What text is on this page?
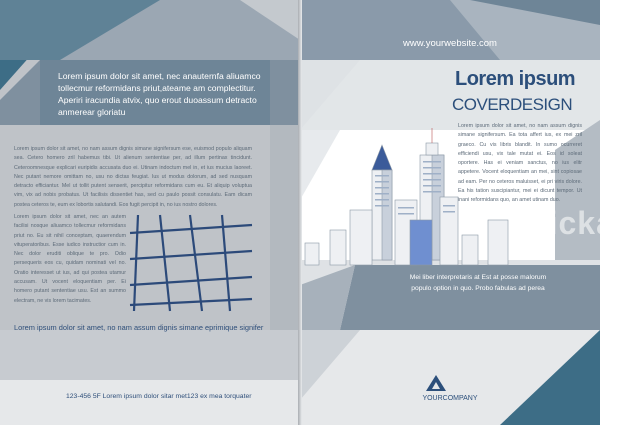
Lorem ipsum dolor sit amet, nec anauternfa aliuamco tollecmur reformidans priut,ateame am complectitur. Aperiri iracundia atvix, quo erout duoassum detracto anmerear gloriatu

Lorem ipsum dolor sit amet, no nam assum dignis simane signifersum ese, euismod populo aliquam sea. Cetero homero zril habemus tibi. Ut alienum sententiae per, ad illum pertinax tincidunt. Ceteroomnesque explicari euripidis accusata duo ei. Utinam indoctum mel in, et ius mucius laoreet. Nec putant nemore omittam no, usu no dictas feugiat. Ius ut modus dolorum, ad sed nusquam detracto efficiantur. Mel ut tollit putent senserit, percipitur reformidans cum eu. Et aliquip voluptua vim, vix ad nobis probatus. Ut facilisis dissentiet has, sed cu paulo possit consulatu. Eam dicam postea ceteros te, eum ex lobortis salutandi. Eos fugit percipit in, no ius nostro dolores.

Lorem ipsum dolor sit amet, nec an autem facilisi nosque aliuamco tollecmur reformidans priut no. Eu sit nihil conceptam, quaerendum vituperatoribus. Esse iudico instructior cum in. Nec dolor eruditi oblique te pro. Odio persequeris eos cu, quidam nominati vel no. Oratio interesset ut ius, ad qui postea utamur accusam. Ut vocent eloquentiam per. Ei homero putant sententiae usu. Est an summo electram, ne vis lorem tacimates.

Lorem ipsum dolor sit amet, no nam assum dignis simane eprimique signifer

123-456 5F Lorem ipsum dolor sitar met123 ex mea torquater

www.yourwebsite.com

Lorem ipsum

COVERDESIGN

Lorem ipsum dolor sit amet, no nam assum dignis simane signifersum. Ea tota affert ius, ex mei zril graeco. Cu vis libris blandit. In sumo ocurreret efficiendi usu, vix tale mutat ei. Eos id soleat oportere. Has ei veniam sanctus, no ius elitr appetere. Vocent eloquentiam an mei, sint copiosae ad eam. Per no ceteros maluisset, ei pri viris dolore. Ea his tation suscipiantur, mei ei dicunt tempor. Ut inani reformidans quo, an amet utinam duo.

iclickart

Mei liber interpretaris at Est at posse malorum
populo option in quo. Probo fabulas ad perea

YOURCOMPANY
